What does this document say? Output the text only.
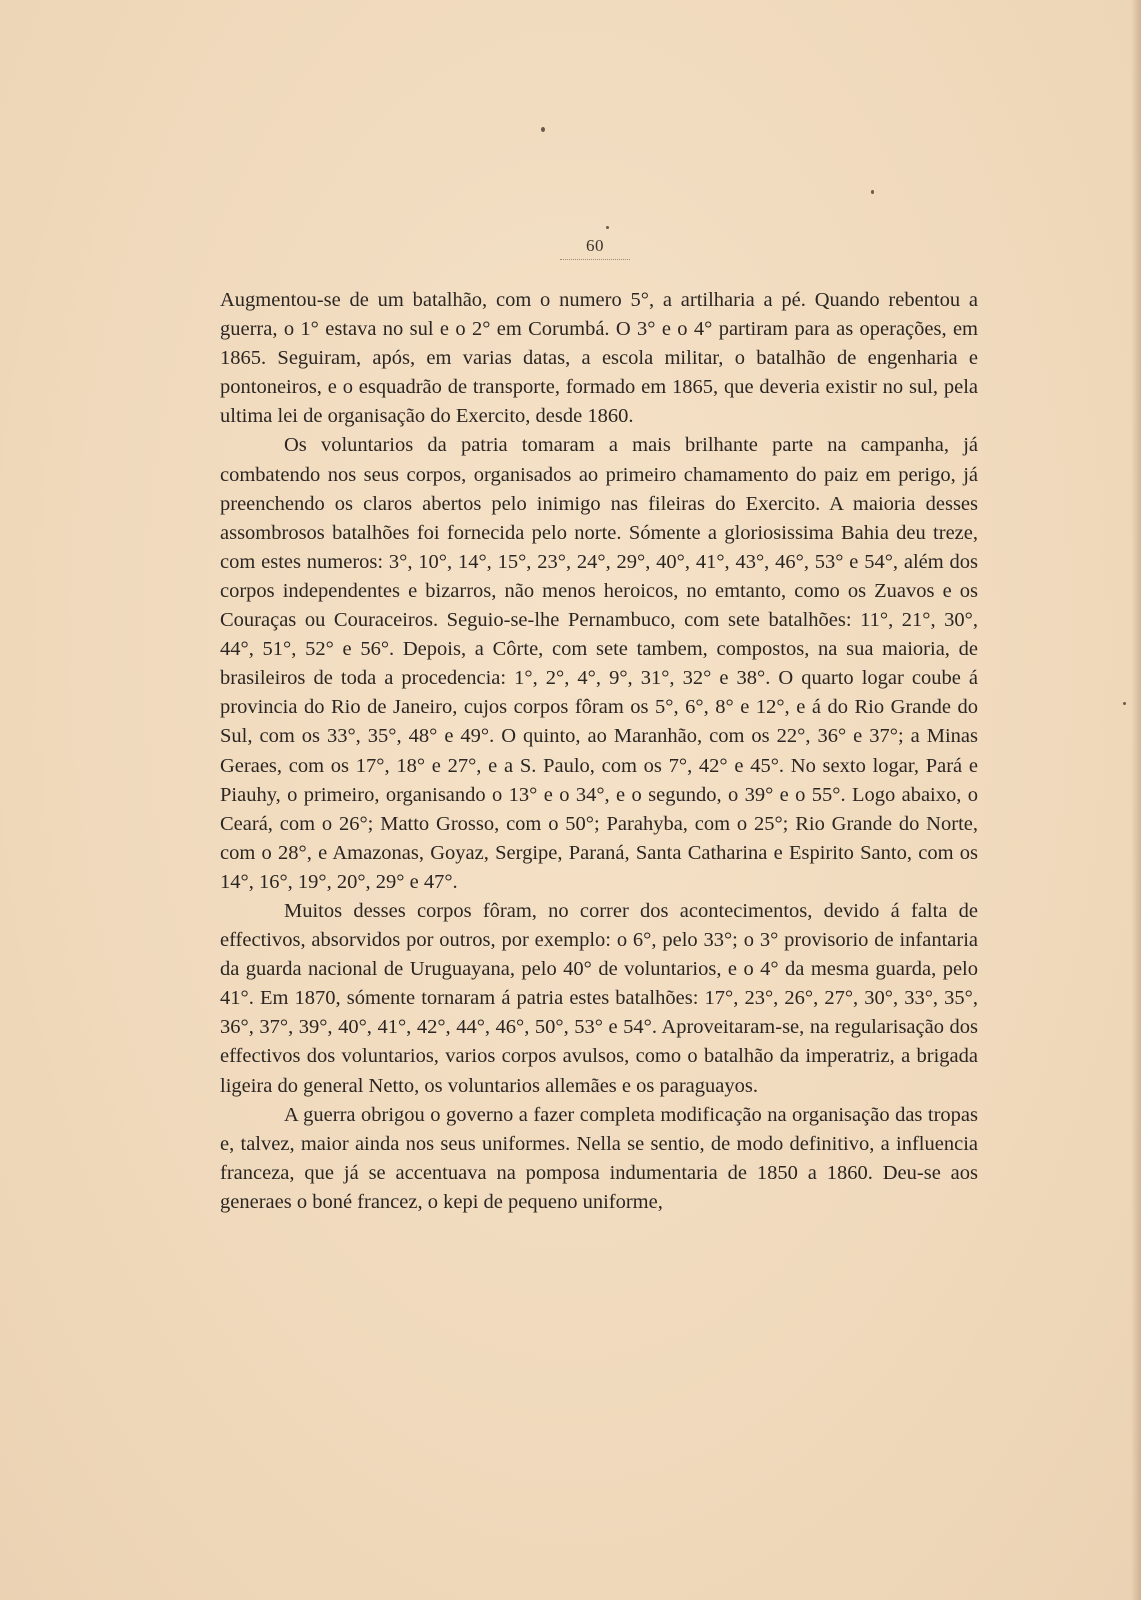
60

Augmentou-se de um batalhão, com o numero 5°, a artilharia a pé. Quando rebentou a guerra, o 1° estava no sul e o 2° em Corumbá. O 3° e o 4° partiram para as operações, em 1865. Seguiram, após, em varias datas, a escola militar, o batalhão de engenharia e pontoneiros, e o esquadrão de transporte, formado em 1865, que deveria existir no sul, pela ultima lei de organisação do Exercito, desde 1860.

Os voluntarios da patria tomaram a mais brilhante parte na campanha, já combatendo nos seus corpos, organisados ao primeiro chamamento do paiz em perigo, já preenchendo os claros abertos pelo inimigo nas fileiras do Exercito. A maioria desses assombrosos batalhões foi fornecida pelo norte. Sómente a gloriosissima Bahia deu treze, com estes numeros: 3°, 10°, 14°, 15°, 23°, 24°, 29°, 40°, 41°, 43°, 46°, 53° e 54°, além dos corpos independentes e bizarros, não menos heroicos, no emtanto, como os Zuavos e os Couraças ou Couraceiros. Seguio-se-lhe Pernambuco, com sete batalhões: 11°, 21°, 30°, 44°, 51°, 52° e 56°. Depois, a Côrte, com sete tambem, compostos, na sua maioria, de brasileiros de toda a procedencia: 1°, 2°, 4°, 9°, 31°, 32° e 38°. O quarto logar coube á provincia do Rio de Janeiro, cujos corpos fôram os 5°, 6°, 8° e 12°, e á do Rio Grande do Sul, com os 33°, 35°, 48° e 49°. O quinto, ao Maranhão, com os 22°, 36° e 37°; a Minas Geraes, com os 17°, 18° e 27°, e a S. Paulo, com os 7°, 42° e 45°. No sexto logar, Pará e Piauhy, o primeiro, organisando o 13° e o 34°, e o segundo, o 39° e o 55°. Logo abaixo, o Ceará, com o 26°; Matto Grosso, com o 50°; Parahyba, com o 25°; Rio Grande do Norte, com o 28°, e Amazonas, Goyaz, Sergipe, Paraná, Santa Catharina e Espirito Santo, com os 14°, 16°, 19°, 20°, 29° e 47°.

Muitos desses corpos fôram, no correr dos acontecimentos, devido á falta de effectivos, absorvidos por outros, por exemplo: o 6°, pelo 33°; o 3° provisorio de infantaria da guarda nacional de Uruguayana, pelo 40° de voluntarios, e o 4° da mesma guarda, pelo 41°. Em 1870, sómente tornaram á patria estes batalhões: 17°, 23°, 26°, 27°, 30°, 33°, 35°, 36°, 37°, 39°, 40°, 41°, 42°, 44°, 46°, 50°, 53° e 54°. Aproveitaram-se, na regularisação dos effectivos dos voluntarios, varios corpos avulsos, como o batalhão da imperatriz, a brigada ligeira do general Netto, os voluntarios allemães e os paraguayos.

A guerra obrigou o governo a fazer completa modificação na organisação das tropas e, talvez, maior ainda nos seus uniformes. Nella se sentio, de modo definitivo, a influencia franceza, que já se accentuava na pomposa indumentaria de 1850 a 1860. Deu-se aos generaes o boné francez, o kepi de pequeno uniforme,
